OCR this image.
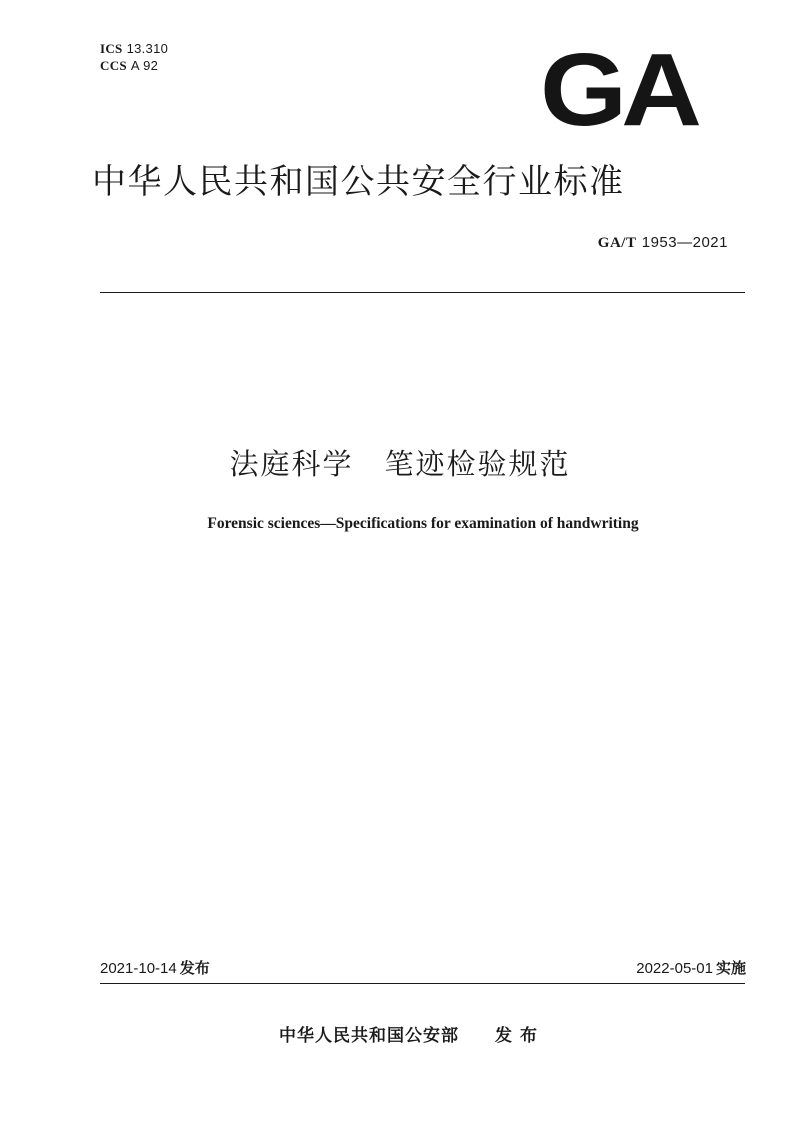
ICS 13.310
CCS A 92	GA
中华人民共和国公共安全行业标准
GA/T 1953—2021
法庭科学　笔迹检验规范
Forensic sciences—Specifications for examination of handwriting
2021-10-14 发布	2022-05-01 实施
中华人民共和国公安部 发布
